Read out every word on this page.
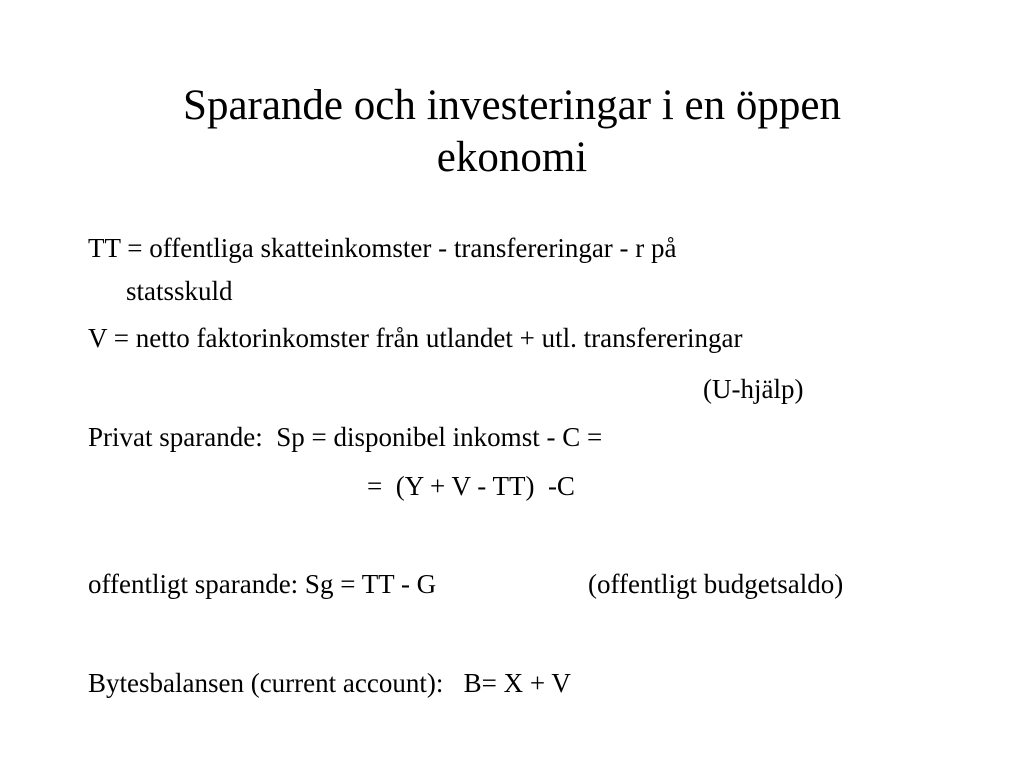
Sparande och investeringar i en öppen
ekonomi
TT = offentliga skatteinkomster - transfereringar - r på
statsskuld
V = netto faktorinkomster från utlandet + utl. transfereringar
(U-hjälp)
Privat sparande:  Sp = disponibel inkomst - C =
=  (Y + V - TT)  -C
offentligt sparande: Sg = TT - G	(offentligt budgetsaldo)
Bytesbalansen (current account):   B= X + V
